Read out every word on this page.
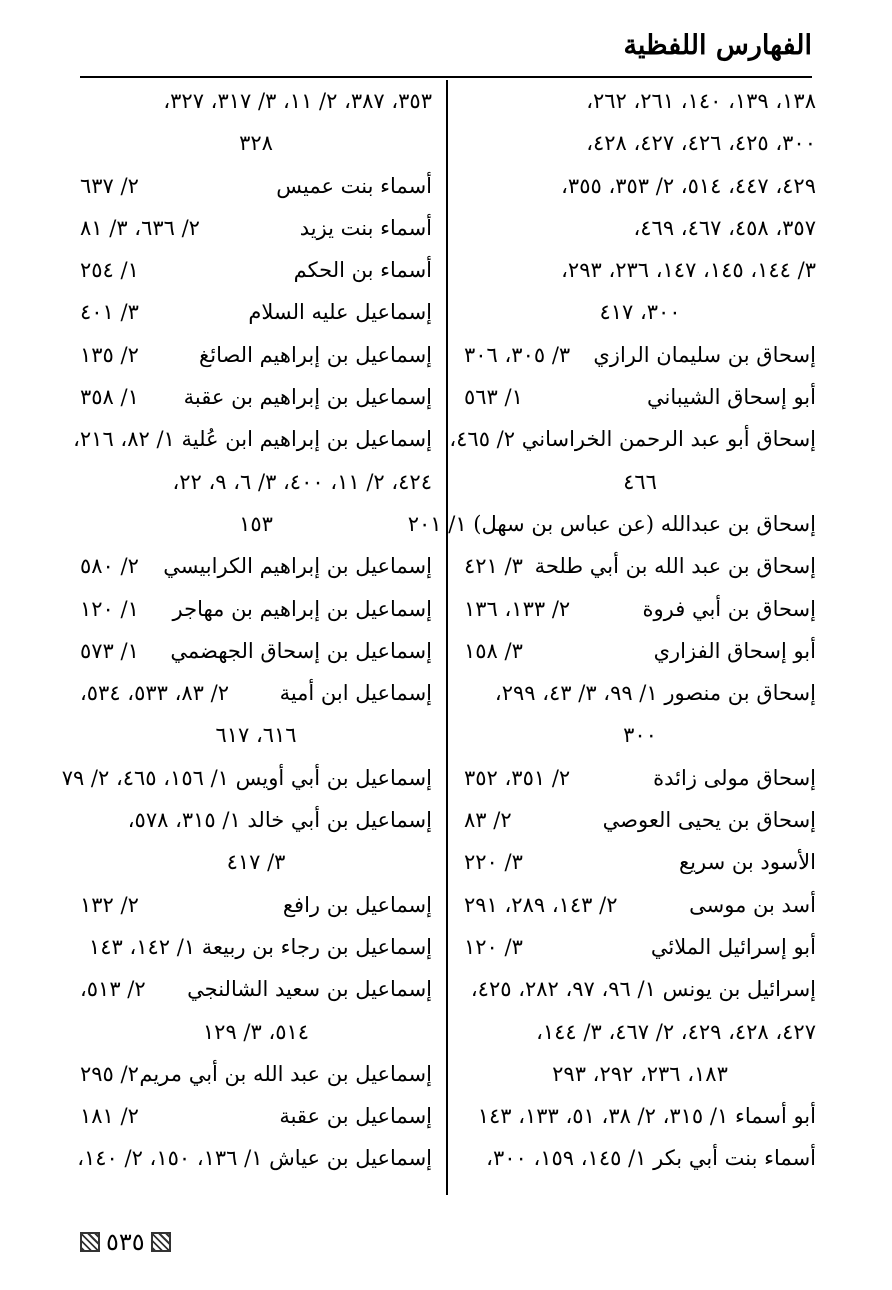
الفهارس اللفظية
١٣٨، ١٣٩، ١٤٠، ٢٦١، ٢٦٢،
٣٠٠، ٤٢٥، ٤٢٦، ٤٢٧، ٤٢٨،
٤٢٩، ٤٤٧، ٥١٤، ٢/ ٣٥٣، ٣٥٥،
٣٥٧، ٤٥٨، ٤٦٧، ٤٦٩،
٣/ ١٤٤، ١٤٥، ١٤٧، ٢٣٦، ٢٩٣،
٣٠٠، ٤١٧
إسحاق بن سليمان الرازي
٣/ ٣٠٥، ٣٠٦
أبو إسحاق الشيباني
١/ ٥٦٣
إسحاق أبو عبد الرحمن الخراساني ٢/ ٤٦٥،
٤٦٦
إسحاق بن عبدالله (عن عباس بن سهل) ١/ ٢٠١
إسحاق بن عبد الله بن أبي طلحة
٣/ ٤٢١
إسحاق بن أبي فروة
٢/ ١٣٣، ١٣٦
أبو إسحاق الفزاري
٣/ ١٥٨
إسحاق بن منصور ١/ ٩٩، ٣/ ٤٣، ٢٩٩،
٣٠٠
إسحاق مولى زائدة
٢/ ٣٥١، ٣٥٢
إسحاق بن يحيى العوصي
٢/ ٨٣
الأسود بن سريع
٣/ ٢٢٠
أسد بن موسى
٢/ ١٤٣، ٢٨٩، ٢٩١
أبو إسرائيل الملائي
٣/ ١٢٠
إسرائيل بن يونس ١/ ٩٦، ٩٧، ٢٨٢، ٤٢٥،
٤٢٧، ٤٢٨، ٤٢٩، ٢/ ٤٦٧، ٣/ ١٤٤،
١٨٣، ٢٣٦، ٢٩٢، ٢٩٣
أبو أسماء ١/ ٣١٥، ٢/ ٣٨، ٥١، ١٣٣، ١٤٣
أسماء بنت أبي بكر ١/ ١٤٥، ١٥٩، ٣٠٠،
٣٥٣، ٣٨٧، ٢/ ١١، ٣/ ٣١٧، ٣٢٧،
٣٢٨
أسماء بنت عميس
٢/ ٦٣٧
أسماء بنت يزيد
٢/ ٦٣٦، ٣/ ٨١
أسماء بن الحكم
١/ ٢٥٤
إسماعيل عليه السلام
٣/ ٤٠١
إسماعيل بن إبراهيم الصائغ
٢/ ١٣٥
إسماعيل بن إبراهيم بن عقبة
١/ ٣٥٨
إسماعيل بن إبراهيم ابن عُلية ١/ ٨٢، ٢١٦،
٤٢٤، ٢/ ١١، ٤٠٠، ٣/ ٦، ٩، ٢٢،
١٥٣
إسماعيل بن إبراهيم الكرابيسي
٢/ ٥٨٠
إسماعيل بن إبراهيم بن مهاجر
١/ ١٢٠
إسماعيل بن إسحاق الجهضمي
١/ ٥٧٣
إسماعيل ابن أمية
٢/ ٨٣، ٥٣٣، ٥٣٤،
٦١٦، ٦١٧
إسماعيل بن أبي أويس ١/ ١٥٦، ٤٦٥، ٢/ ٧٩
إسماعيل بن أبي خالد ١/ ٣١٥، ٥٧٨،
٣/ ٤١٧
إسماعيل بن رافع
٢/ ١٣٢
إسماعيل بن رجاء بن ربيعة ١/ ١٤٢، ١٤٣
إسماعيل بن سعيد الشالنجي
٢/ ٥١٣،
٥١٤، ٣/ ١٢٩
إسماعيل بن عبد الله بن أبي مريم
٢/ ٢٩٥
إسماعيل بن عقبة
٢/ ١٨١
إسماعيل بن عياش ١/ ١٣٦، ١٥٠، ٢/ ١٤٠،
٥٣٥
